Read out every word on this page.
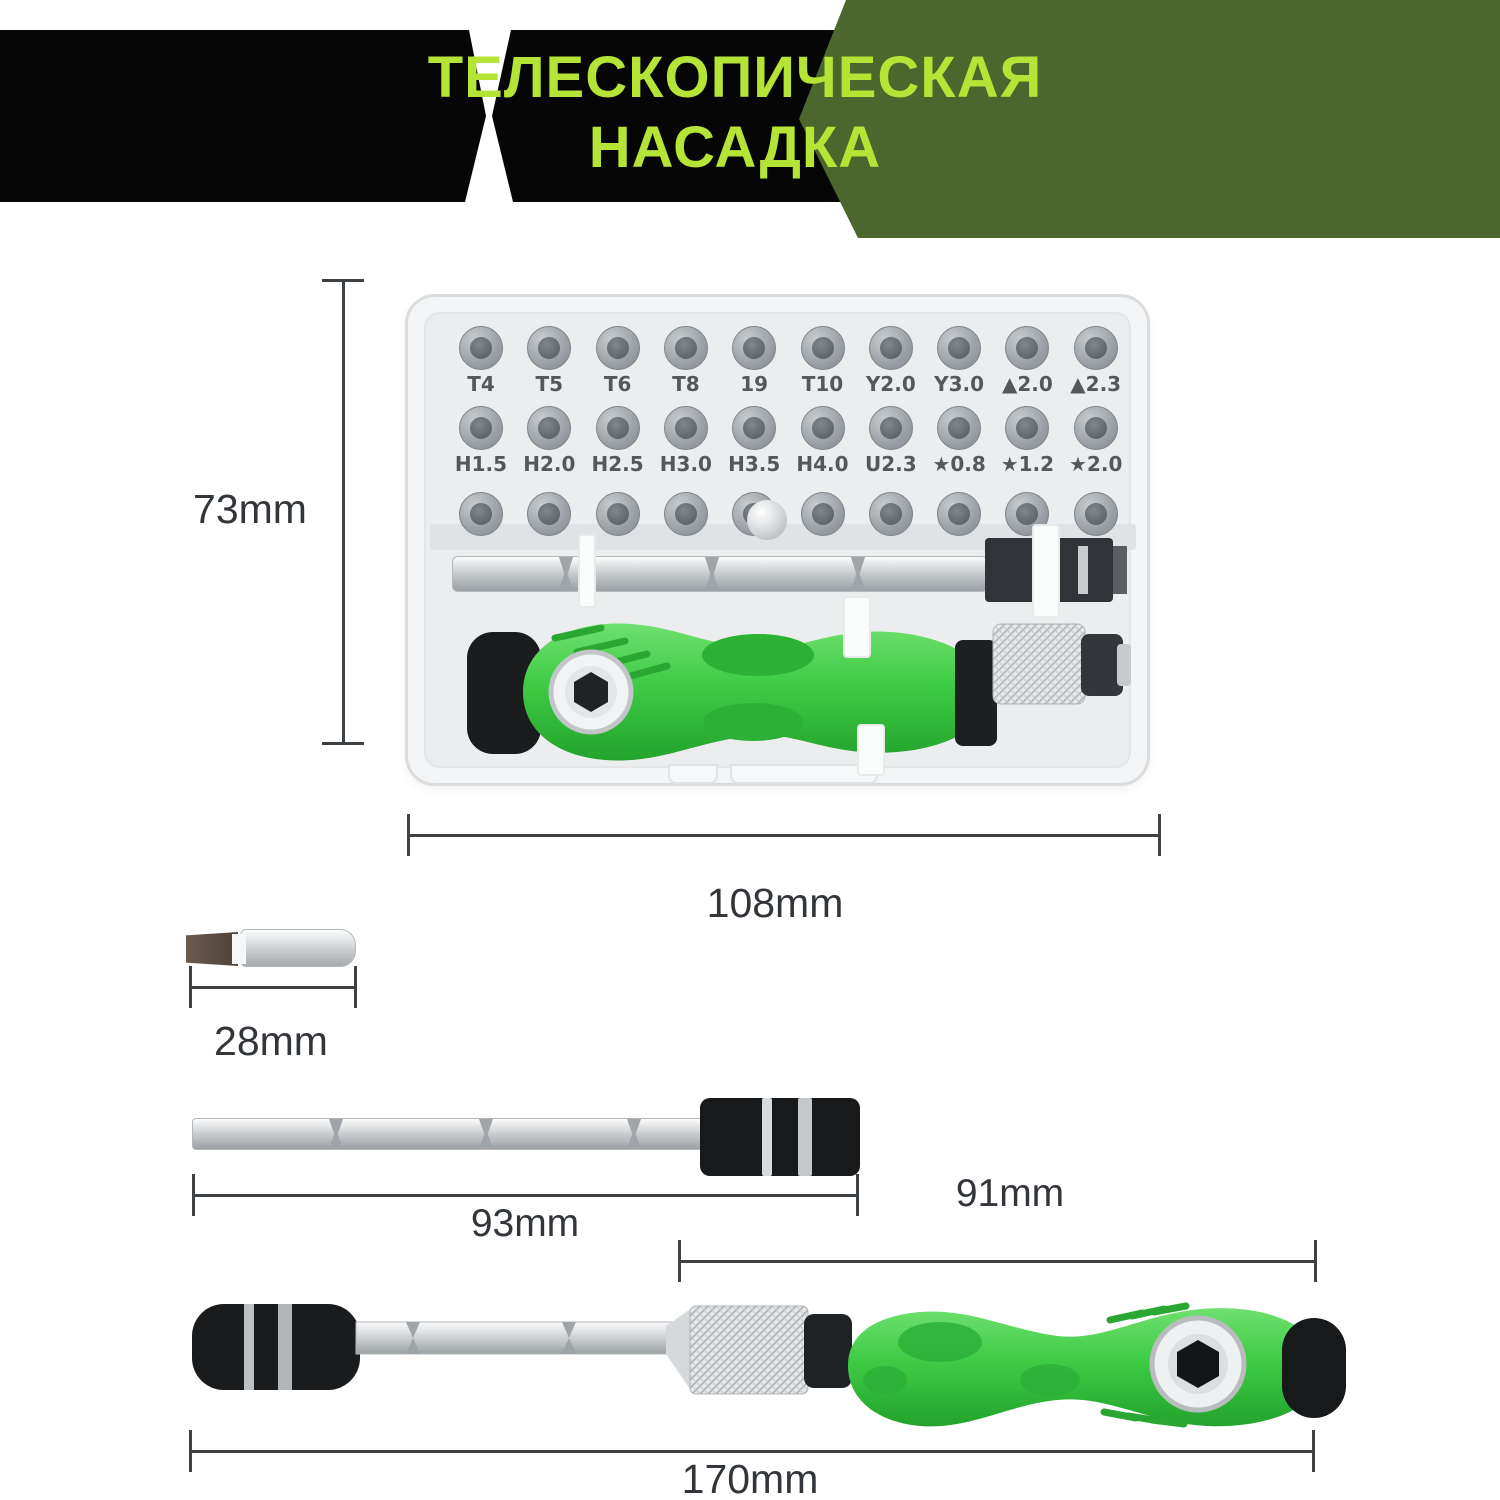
ТЕЛЕСКОПИЧЕСКАЯ
НАСАДКА
T4	T5	T6	T8	19	T10	Y2.0 Y3.0 ▲2.0 ▲2.3
H1.5 H2.0 H2.5 H3.0 H3.5 H4.0 U2.3 ★0.8 ★1.2 ★2.0
73mm
108mm
28mm
93mm
91mm
170mm
